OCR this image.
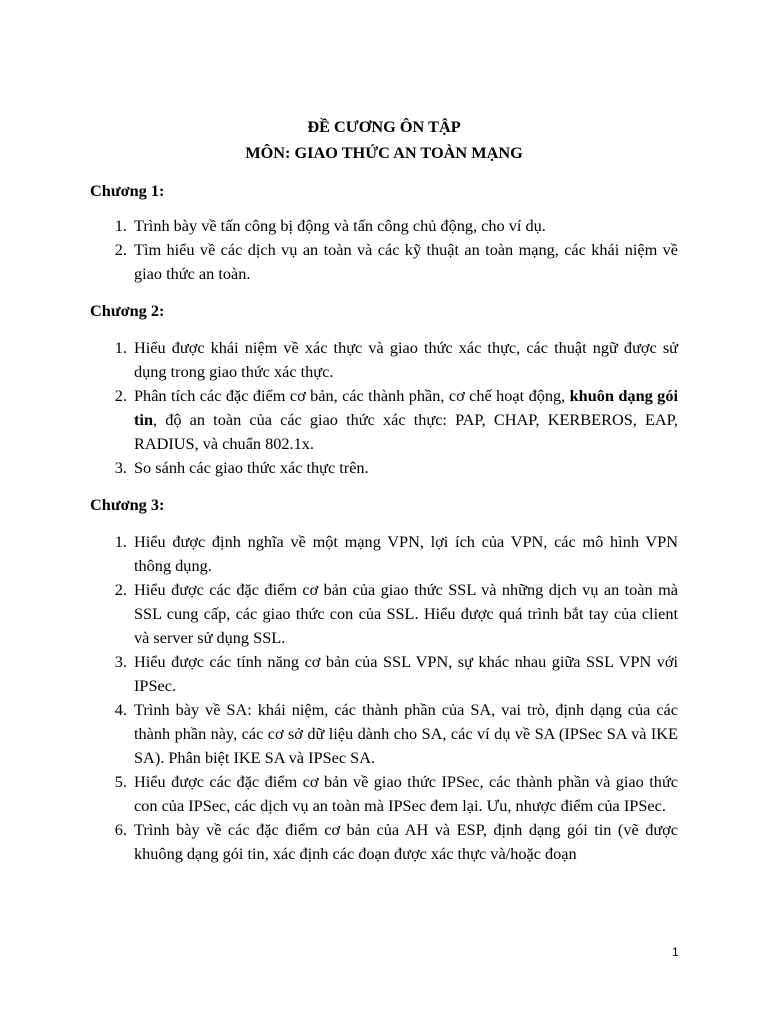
ĐỀ CƯƠNG ÔN TẬP
MÔN: GIAO THỨC AN TOÀN MẠNG
Chương 1:
1. Trình bày về tấn công bị động và tấn công chủ động, cho ví dụ.
2. Tìm hiểu về các dịch vụ an toàn và các kỹ thuật an toàn mạng, các khái niệm về giao thức an toàn.
Chương 2:
1. Hiểu được khái niệm về xác thực và giao thức xác thực, các thuật ngữ được sử dụng trong giao thức xác thực.
2. Phân tích các đặc điểm cơ bản, các thành phần, cơ chế hoạt động, khuôn dạng gói tin, độ an toàn của các giao thức xác thực: PAP, CHAP, KERBEROS, EAP, RADIUS, và chuẩn 802.1x.
3. So sánh các giao thức xác thực trên.
Chương 3:
1. Hiểu được định nghĩa về một mạng VPN, lợi ích của VPN, các mô hình VPN thông dụng.
2. Hiểu được các đặc điểm cơ bản của giao thức SSL và những dịch vụ an toàn mà SSL cung cấp, các giao thức con của SSL. Hiểu được quá trình bắt tay của client và server sử dụng SSL.
3. Hiểu được các tính năng cơ bản của SSL VPN, sự khác nhau giữa SSL VPN với IPSec.
4. Trình bày về SA: khái niệm, các thành phần của SA, vai trò, định dạng của các thành phần này, các cơ sở dữ liệu dành cho SA, các ví dụ về SA (IPSec SA và IKE SA). Phân biệt IKE SA và IPSec SA.
5. Hiểu được các đặc điểm cơ bản về giao thức IPSec, các thành phần và giao thức con của IPSec, các dịch vụ an toàn mà IPSec đem lại. Ưu, nhược điểm của IPSec.
6. Trình bày về các đặc điểm cơ bản của AH và ESP, định dạng gói tin (vẽ được khuông dạng gói tin, xác định các đoạn được xác thực và/hoặc đoạn
1
